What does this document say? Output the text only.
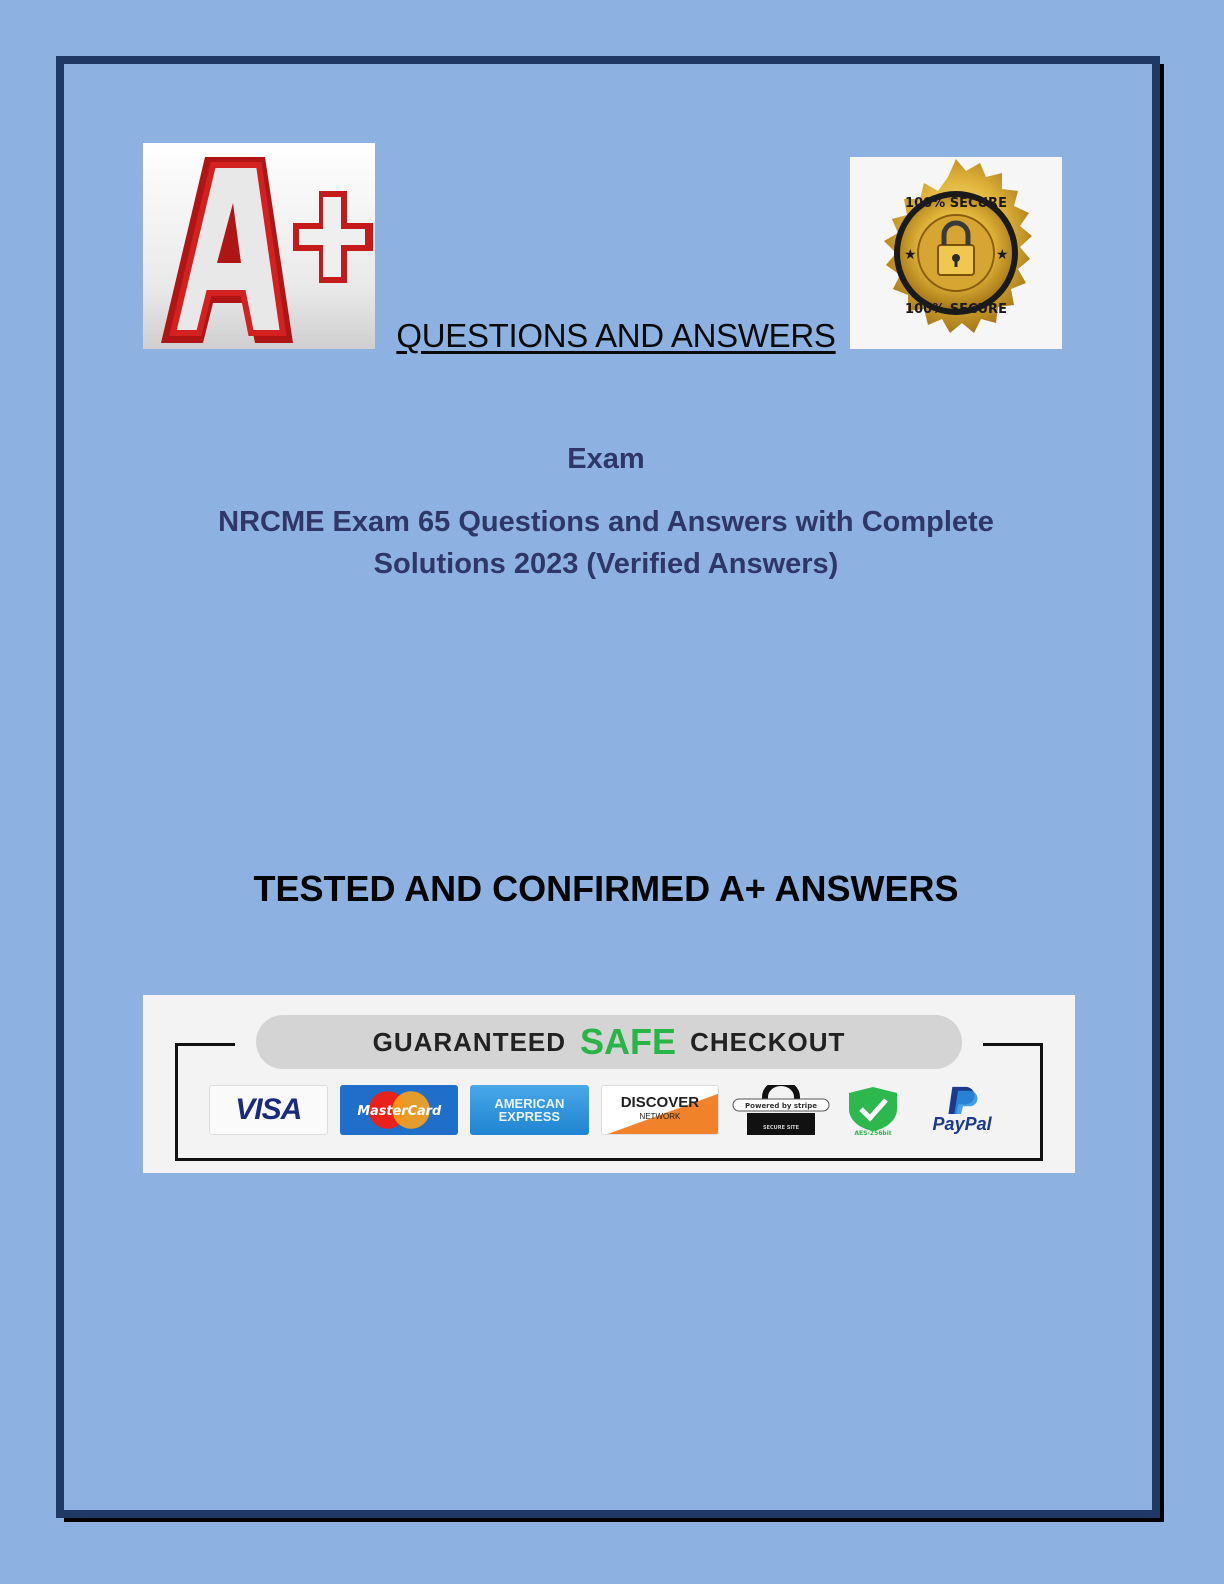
QUESTIONS AND ANSWERS
★	★
100% SECURE
100% SECURE
Exam
NRCME Exam 65 Questions and Answers with Complete Solutions 2023 (Verified Answers)
TESTED AND CONFIRMED A+ ANSWERS
GUARANTEED SAFE CHECKOUT
VISA	MasterCard
AMERICAN
EXPRESS
DISCOVER
NETWORK
Powered by stripe
SECURE SITE
AES-256bit PayPal
